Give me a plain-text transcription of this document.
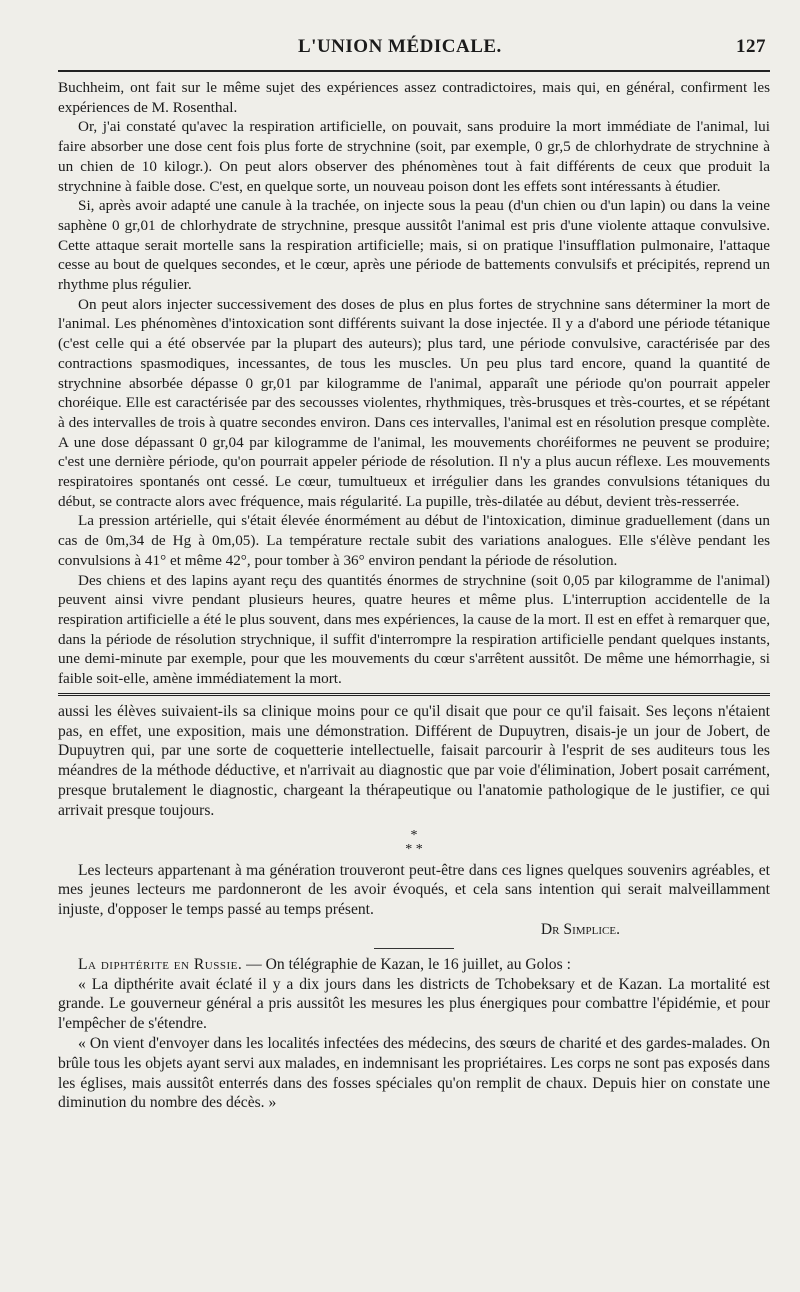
L'UNION MÉDICALE.	127

Buchheim, ont fait sur le même sujet des expériences assez contradictoires, mais qui, en général, confirment les expériences de M. Rosenthal.

Or, j'ai constaté qu'avec la respiration artificielle, on pouvait, sans produire la mort immédiate de l'animal, lui faire absorber une dose cent fois plus forte de strychnine (soit, par exemple, 0 gr,5 de chlorhydrate de strychnine à un chien de 10 kilogr.). On peut alors observer des phénomènes tout à fait différents de ceux que produit la strychnine à faible dose. C'est, en quelque sorte, un nouveau poison dont les effets sont intéressants à étudier.

Si, après avoir adapté une canule à la trachée, on injecte sous la peau (d'un chien ou d'un lapin) ou dans la veine saphène 0 gr,01 de chlorhydrate de strychnine, presque aussitôt l'animal est pris d'une violente attaque convulsive. Cette attaque serait mortelle sans la respiration artificielle; mais, si on pratique l'insufflation pulmonaire, l'attaque cesse au bout de quelques secondes, et le cœur, après une période de battements convulsifs et précipités, reprend un rhythme plus régulier.

On peut alors injecter successivement des doses de plus en plus fortes de strychnine sans déterminer la mort de l'animal. Les phénomènes d'intoxication sont différents suivant la dose injectée. Il y a d'abord une période tétanique (c'est celle qui a été observée par la plupart des auteurs); plus tard, une période convulsive, caractérisée par des contractions spasmodiques, incessantes, de tous les muscles. Un peu plus tard encore, quand la quantité de strychnine absorbée dépasse 0 gr,01 par kilogramme de l'animal, apparaît une période qu'on pourrait appeler choréique. Elle est caractérisée par des secousses violentes, rhythmiques, très-brusques et très-courtes, et se répétant à des intervalles de trois à quatre secondes environ. Dans ces intervalles, l'animal est en résolution presque complète. A une dose dépassant 0 gr,04 par kilogramme de l'animal, les mouvements choréiformes ne peuvent se produire; c'est une dernière période, qu'on pourrait appeler période de résolution. Il n'y a plus aucun réflexe. Les mouvements respiratoires spontanés ont cessé. Le cœur, tumultueux et irrégulier dans les grandes convulsions tétaniques du début, se contracte alors avec fréquence, mais régularité. La pupille, très-dilatée au début, devient très-resserrée.

La pression artérielle, qui s'était élevée énormément au début de l'intoxication, diminue graduellement (dans un cas de 0m,34 de Hg à 0m,05). La température rectale subit des variations analogues. Elle s'élève pendant les convulsions à 41° et même 42°, pour tomber à 36° environ pendant la période de résolution.

Des chiens et des lapins ayant reçu des quantités énormes de strychnine (soit 0,05 par kilogramme de l'animal) peuvent ainsi vivre pendant plusieurs heures, quatre heures et même plus. L'interruption accidentelle de la respiration artificielle a été le plus souvent, dans mes expériences, la cause de la mort. Il est en effet à remarquer que, dans la période de résolution strychnique, il suffit d'interrompre la respiration artificielle pendant quelques instants, une demi-minute par exemple, pour que les mouvements du cœur s'arrêtent aussitôt. De même une hémorrhagie, si faible soit-elle, amène immédiatement la mort.

aussi les élèves suivaient-ils sa clinique moins pour ce qu'il disait que pour ce qu'il faisait. Ses leçons n'étaient pas, en effet, une exposition, mais une démonstration. Différent de Dupuytren, disais-je un jour de Jobert, de Dupuytren qui, par une sorte de coquetterie intellectuelle, faisait parcourir à l'esprit de ses auditeurs tous les méandres de la méthode déductive, et n'arrivait au diagnostic que par voie d'élimination, Jobert posait carrément, presque brutalement le diagnostic, chargeant la thérapeutique ou l'anatomie pathologique de le justifier, ce qui arrivait presque toujours.

*
* *

Les lecteurs appartenant à ma génération trouveront peut-être dans ces lignes quelques souvenirs agréables, et mes jeunes lecteurs me pardonneront de les avoir évoqués, et cela sans intention qui serait malveillamment injuste, d'opposer le temps passé au temps présent.

Dr Simplice.

La diphtérite en Russie. — On télégraphie de Kazan, le 16 juillet, au Golos :

« La dipthérite avait éclaté il y a dix jours dans les districts de Tchobeksary et de Kazan. La mortalité est grande. Le gouverneur général a pris aussitôt les mesures les plus énergiques pour combattre l'épidémie, et pour l'empêcher de s'étendre.

« On vient d'envoyer dans les localités infectées des médecins, des sœurs de charité et des gardes-malades. On brûle tous les objets ayant servi aux malades, en indemnisant les propriétaires. Les corps ne sont pas exposés dans les églises, mais aussitôt enterrés dans des fosses spéciales qu'on remplit de chaux. Depuis hier on constate une diminution du nombre des décès. »
